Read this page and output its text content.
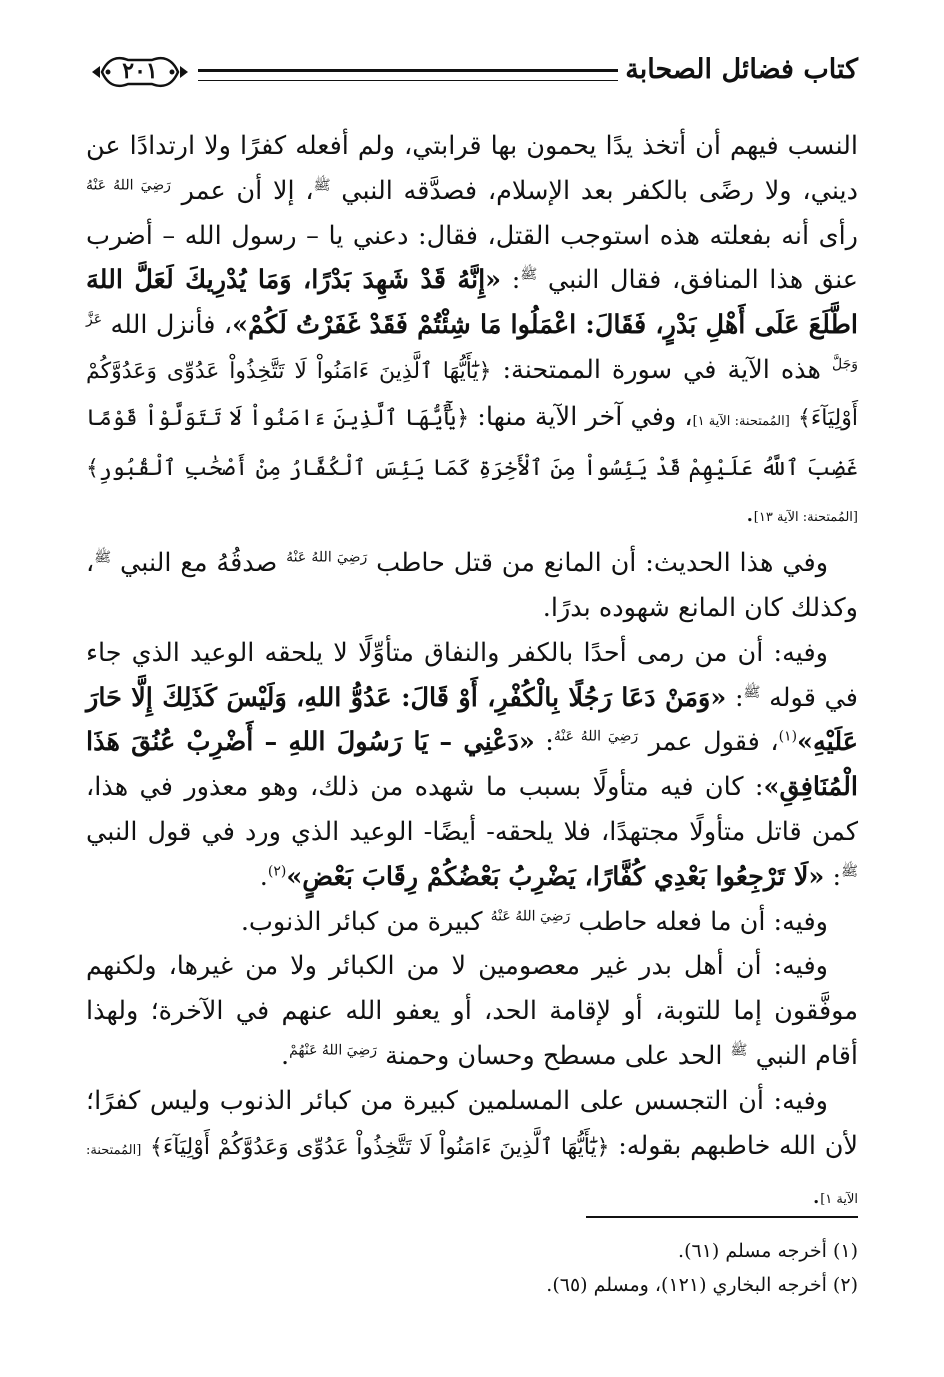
كتاب فضائل الصحابة
٢٠١

النسب فيهم أن أتخذ يدًا يحمون بها قرابتي، ولم أفعله كفرًا ولا ارتدادًا عن ديني، ولا رضًى بالكفر بعد الإسلام، فصدَّقه النبي $^ﷺ$، إلا أن عمر $^{رَضِيَ اللهُ عَنْهُ}$ رأى أنه بفعلته هذه استوجب القتل، فقال: دعني يا – رسول الله – أضرب عنق هذا المنافق، فقال النبي $^ﷺ$: «إِنَّهُ قَدْ شَهِدَ بَدْرًا، وَمَا يُدْرِيكَ لَعَلَّ اللهَ اطَّلَعَ عَلَى أَهْلِ بَدْرٍ، فَقَالَ: اعْمَلُوا مَا شِئْتُمْ فَقَدْ غَفَرْتُ لَكُمْ»، فأنزل الله $^{عَزَّ وَجَلَّ}$ هذه الآية في سورة الممتحنة: ﴿يَٰٓأَيُّهَا ٱلَّذِينَ ءَامَنُواْ لَا تَتَّخِذُواْ عَدُوِّى وَعَدُوَّكُمْ أَوْلِيَآءَ﴾ [المُمتحنة: الآية ١]، وفي آخر الآية منها: ﴿يَٰٓأَيُّهَا ٱلَّذِينَ ءَامَنُواْ لَا تَتَوَلَّوْاْ قَوْمًا غَضِبَ ٱللَّهُ عَلَيْهِمْ قَدْ يَئِسُواْ مِنَ ٱلْأَخِرَةِ كَمَا يَئِسَ ٱلْكُفَّارُ مِنْ أَصْحَٰبِ ٱلْقُبُورِ﴾ [المُمتحنة: الآية ١٣].

وفي هذا الحديث: أن المانع من قتل حاطب $^{رَضِيَ اللهُ عَنْهُ}$ صدقُهُ مع النبي $^ﷺ$، وكذلك كان المانع شهوده بدرًا.

وفيه: أن من رمى أحدًا بالكفر والنفاق متأوِّلًا لا يلحقه الوعيد الذي جاء في قوله $^ﷺ$: «وَمَنْ دَعَا رَجُلًا بِالْكُفْرِ، أَوْ قَالَ: عَدُوُّ اللهِ، وَلَيْسَ كَذَلِكَ إِلَّا حَارَ عَلَيْهِ»$^{(١)}$، فقول عمر $^{رَضِيَ اللهُ عَنْهُ}$: «دَعْنِي – يَا رَسُولَ اللهِ – أَضْرِبْ عُنُقَ هَذَا الْمُنَافِقِ»: كان فيه متأولًا بسبب ما شهده من ذلك، وهو معذور في هذا، كمن قاتل متأولًا مجتهدًا، فلا يلحقه- أيضًا- الوعيد الذي ورد في قول النبي $^ﷺ$: «لَا تَرْجِعُوا بَعْدِي كُفَّارًا، يَضْرِبُ بَعْضُكُمْ رِقَابَ بَعْضٍ»$^{(٢)}$.

وفيه: أن ما فعله حاطب $^{رَضِيَ اللهُ عَنْهُ}$ كبيرة من كبائر الذنوب.

وفيه: أن أهل بدر غير معصومين لا من الكبائر ولا من غيرها، ولكنهم موفَّقون إما للتوبة، أو لإقامة الحد، أو يعفو الله عنهم في الآخرة؛ ولهذا أقام النبي $^ﷺ$ الحد على مسطح وحسان وحمنة $^{رَضِيَ اللهُ عَنْهُمْ}$.

وفيه: أن التجسس على المسلمين كبيرة من كبائر الذنوب وليس كفرًا؛ لأن الله خاطبهم بقوله: ﴿يَٰٓأَيُّهَا ٱلَّذِينَ ءَامَنُواْ لَا تَتَّخِذُواْ عَدُوِّى وَعَدُوَّكُمْ أَوْلِيَآءَ﴾ [المُمتحنة: الآية ١].

(١) أخرجه مسلم (٦١).

(٢) أخرجه البخاري (١٢١)، ومسلم (٦٥).
